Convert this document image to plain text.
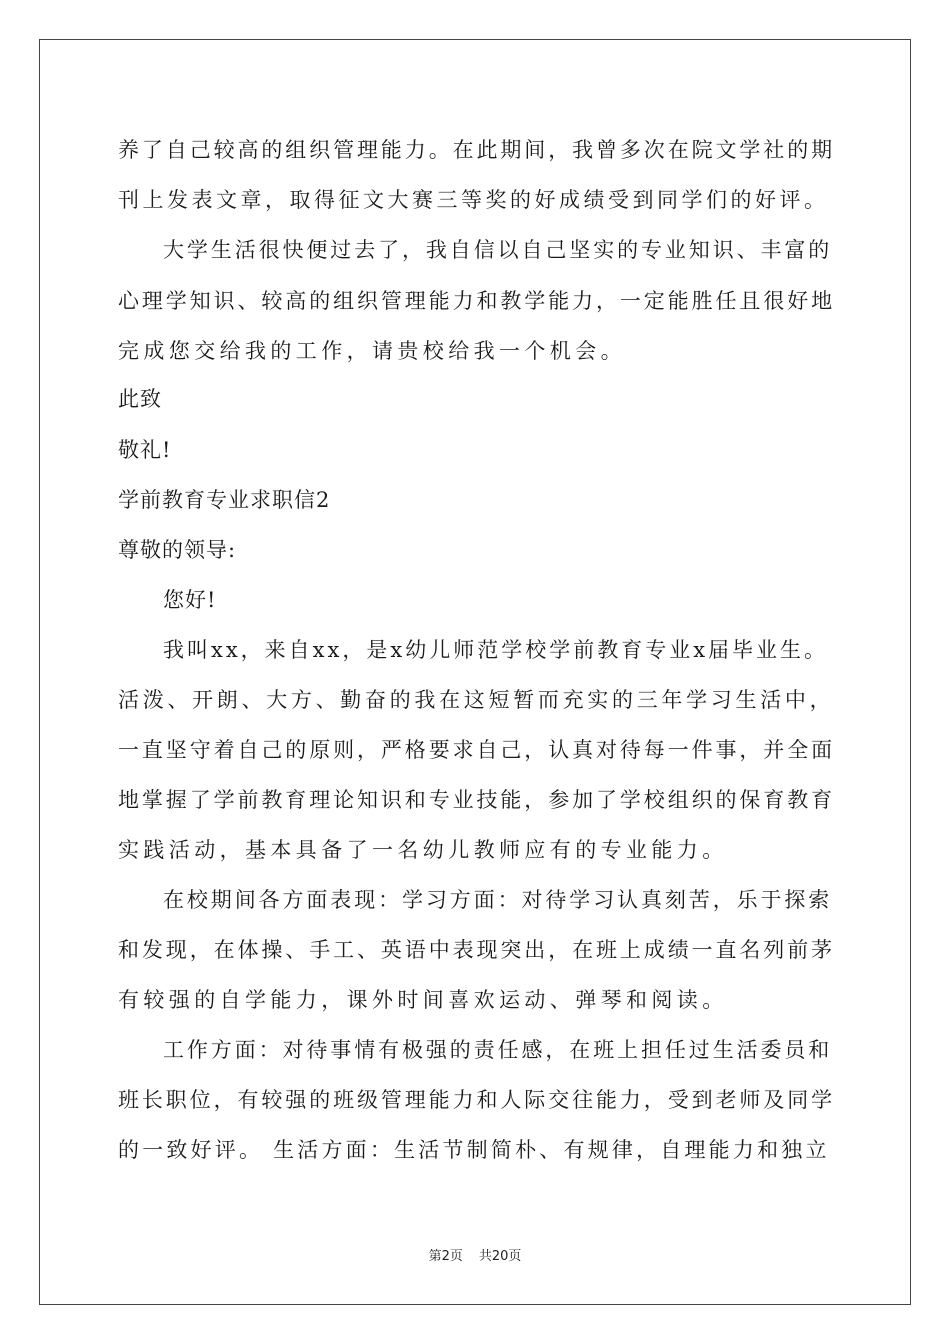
养了自己较高的组织管理能力。在此期间，我曾多次在院文学社的期
刊上发表文章，取得征文大赛三等奖的好成绩受到同学们的好评。
大学生活很快便过去了，我自信以自己坚实的专业知识、丰富的
心理学知识、较高的组织管理能力和教学能力，一定能胜任且很好地
完成您交给我的工作，请贵校给我一个机会。
此致
敬礼!
学前教育专业求职信2
尊敬的领导:
您好!
我叫xx，来自xx，是x幼儿师范学校学前教育专业x届毕业生。
活泼、开朗、大方、勤奋的我在这短暂而充实的三年学习生活中，
一直坚守着自己的原则，严格要求自己，认真对待每一件事，并全面
地掌握了学前教育理论知识和专业技能，参加了学校组织的保育教育
实践活动，基本具备了一名幼儿教师应有的专业能力。
在校期间各方面表现：学习方面：对待学习认真刻苦，乐于探索
和发现，在体操、手工、英语中表现突出，在班上成绩一直名列前茅
有较强的自学能力，课外时间喜欢运动、弹琴和阅读。
工作方面：对待事情有极强的责任感，在班上担任过生活委员和
班长职位，有较强的班级管理能力和人际交往能力，受到老师及同学
的一致好评。 生活方面：生活节制简朴、有规律，自理能力和独立
第2页 共20页
